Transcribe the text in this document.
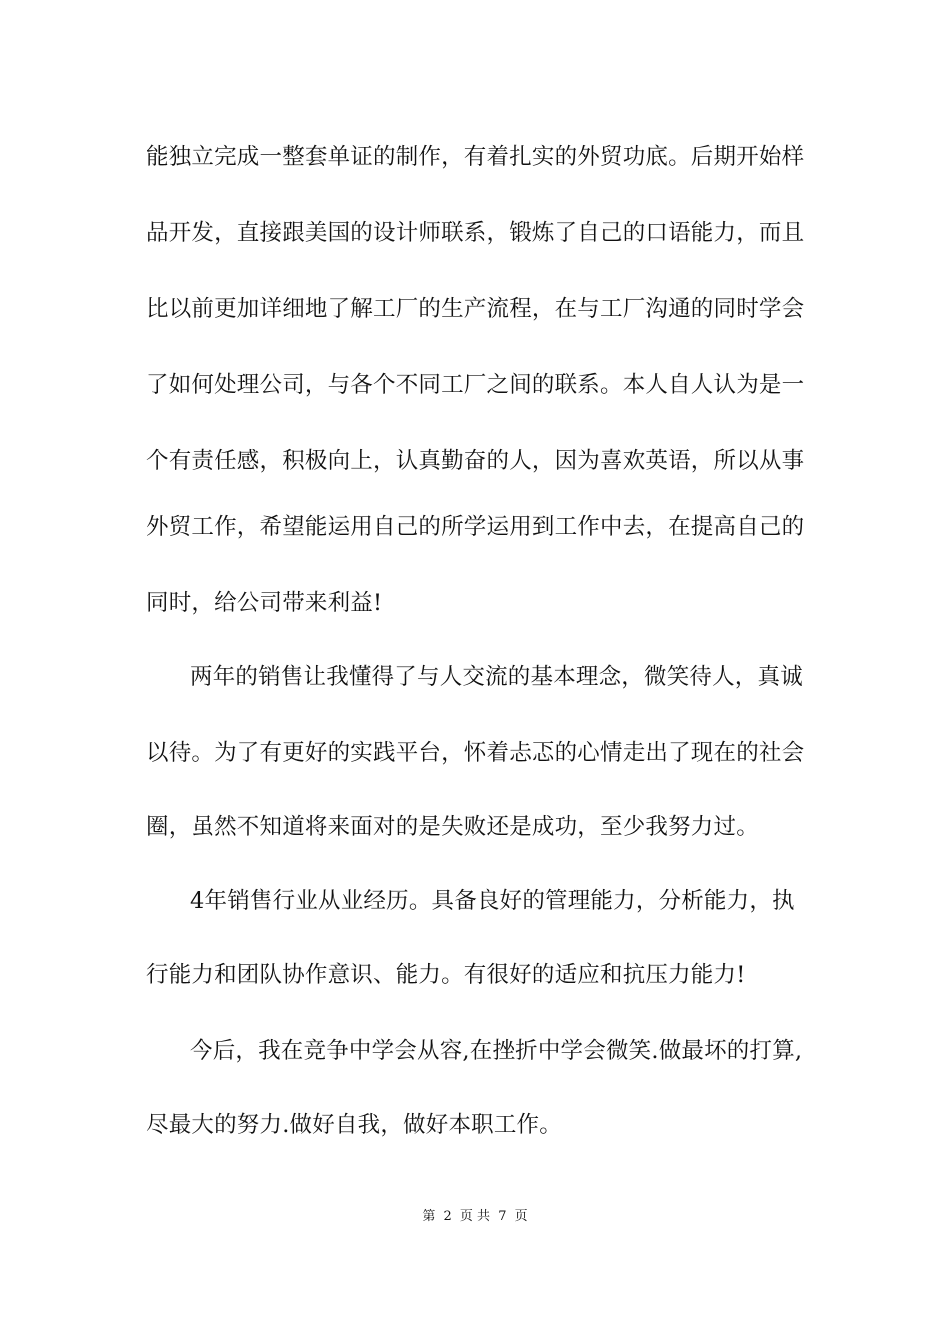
能独立完成一整套单证的制作，有着扎实的外贸功底。后期开始样
品开发，直接跟美国的设计师联系，锻炼了自己的口语能力，而且
比以前更加详细地了解工厂的生产流程，在与工厂沟通的同时学会
了如何处理公司，与各个不同工厂之间的联系。本人自人认为是一
个有责任感，积极向上，认真勤奋的人，因为喜欢英语，所以从事
外贸工作，希望能运用自己的所学运用到工作中去，在提高自己的
同时，给公司带来利益!
两年的销售让我懂得了与人交流的基本理念，微笑待人，真诚
以待。为了有更好的实践平台，怀着忐忑的心情走出了现在的社会
圈，虽然不知道将来面对的是失败还是成功，至少我努力过。
4年销售行业从业经历。具备良好的管理能力，分析能力，执
行能力和团队协作意识、能力。有很好的适应和抗压力能力!
今后，我在竞争中学会从容,在挫折中学会微笑.做最坏的打算,
尽最大的努力.做好自我，做好本职工作。
第 2 页 共 7 页
